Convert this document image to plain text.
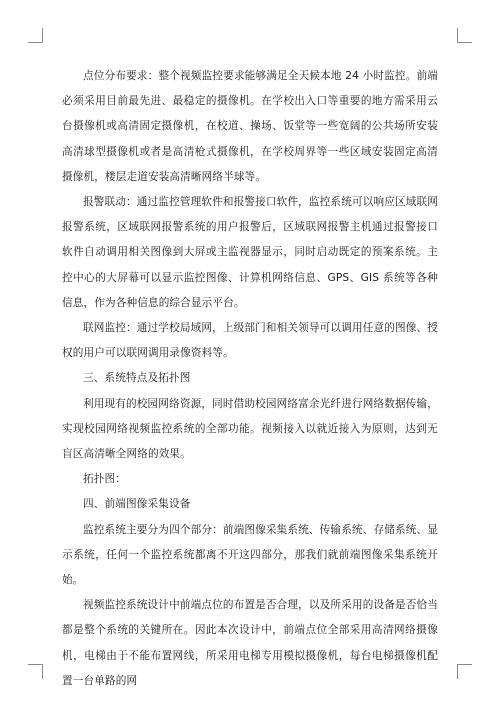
点位分布要求：整个视频监控要求能够满足全天候本地 24 小时监控。前端必须采用目前最先进、最稳定的摄像机。在学校出入口等重要的地方需采用云台摄像机或高清固定摄像机，在校道、操场、饭堂等一些宽阔的公共场所安装高清球型摄像机或者是高清枪式摄像机，在学校周界等一些区域安装固定高清摄像机，楼层走道安装高清晰网络半球等。

报警联动：通过监控管理软件和报警接口软件，监控系统可以响应区域联网报警系统，区域联网报警系统的用户报警后，区域联网报警主机通过报警接口软件自动调用相关图像到大屏或主监视器显示，同时启动既定的预案系统。主控中心的大屏幕可以显示监控图像、计算机网络信息、GPS、GIS 系统等各种信息，作为各种信息的综合显示平台。

联网监控：通过学校局域网，上级部门和相关领导可以调用任意的图像、授权的用户可以联网调用录像资料等。

三、系统特点及拓扑图

利用现有的校园网络资源，同时借助校园网络富余光纤进行网络数据传输，实现校园网络视频监控系统的全部功能。视频接入以就近接入为原则，达到无盲区高清晰全网络的效果。

拓扑图：

四、前端图像采集设备

监控系统主要分为四个部分：前端图像采集系统、传输系统、存储系统、显示系统，任何一个监控系统都离不开这四部分，那我们就前端图像采集系统开始。

视频监控系统设计中前端点位的布置是否合理，以及所采用的设备是否恰当都是整个系统的关键所在。因此本次设计中，前端点位全部采用高清网络摄像机，电梯由于不能布置网线，所采用电梯专用模拟摄像机，每台电梯摄像机配置一台单路的网
